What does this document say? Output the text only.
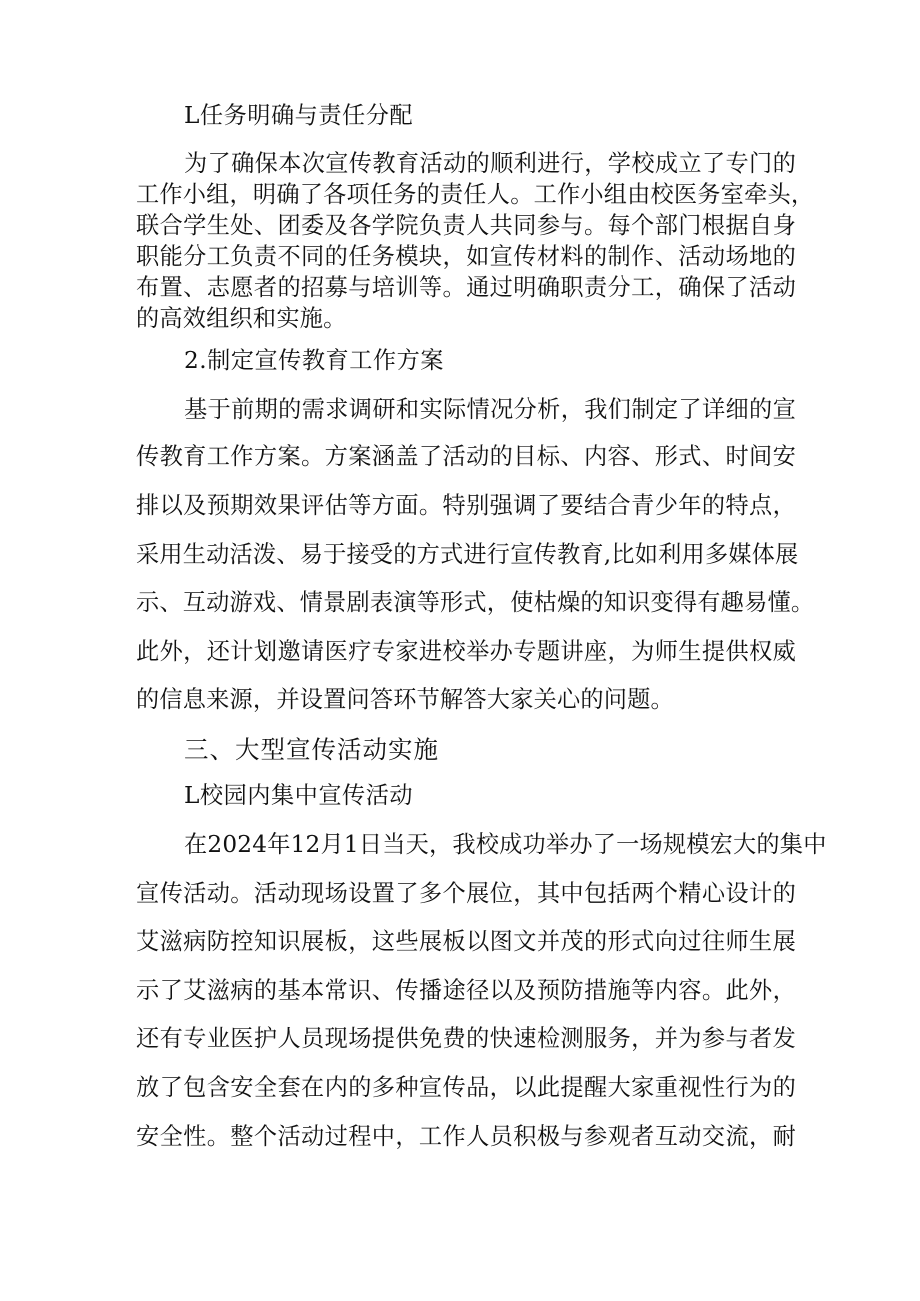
L任务明确与责任分配
为了确保本次宣传教育活动的顺利进行，学校成立了专门的
工作小组，明确了各项任务的责任人。工作小组由校医务室牵头，
联合学生处、团委及各学院负责人共同参与。每个部门根据自身
职能分工负责不同的任务模块，如宣传材料的制作、活动场地的
布置、志愿者的招募与培训等。通过明确职责分工，确保了活动
的高效组织和实施。
2.制定宣传教育工作方案
基于前期的需求调研和实际情况分析，我们制定了详细的宣
传教育工作方案。方案涵盖了活动的目标、内容、形式、时间安
排以及预期效果评估等方面。特别强调了要结合青少年的特点，
采用生动活泼、易于接受的方式进行宣传教育,比如利用多媒体展
示、互动游戏、情景剧表演等形式，使枯燥的知识变得有趣易懂。
此外，还计划邀请医疗专家进校举办专题讲座，为师生提供权威
的信息来源，并设置问答环节解答大家关心的问题。
三、大型宣传活动实施
L校园内集中宣传活动
在2024年12月1日当天，我校成功举办了一场规模宏大的集中
宣传活动。活动现场设置了多个展位，其中包括两个精心设计的
艾滋病防控知识展板，这些展板以图文并茂的形式向过往师生展
示了艾滋病的基本常识、传播途径以及预防措施等内容。此外，
还有专业医护人员现场提供免费的快速检测服务，并为参与者发
放了包含安全套在内的多种宣传品，以此提醒大家重视性行为的
安全性。整个活动过程中，工作人员积极与参观者互动交流，耐
